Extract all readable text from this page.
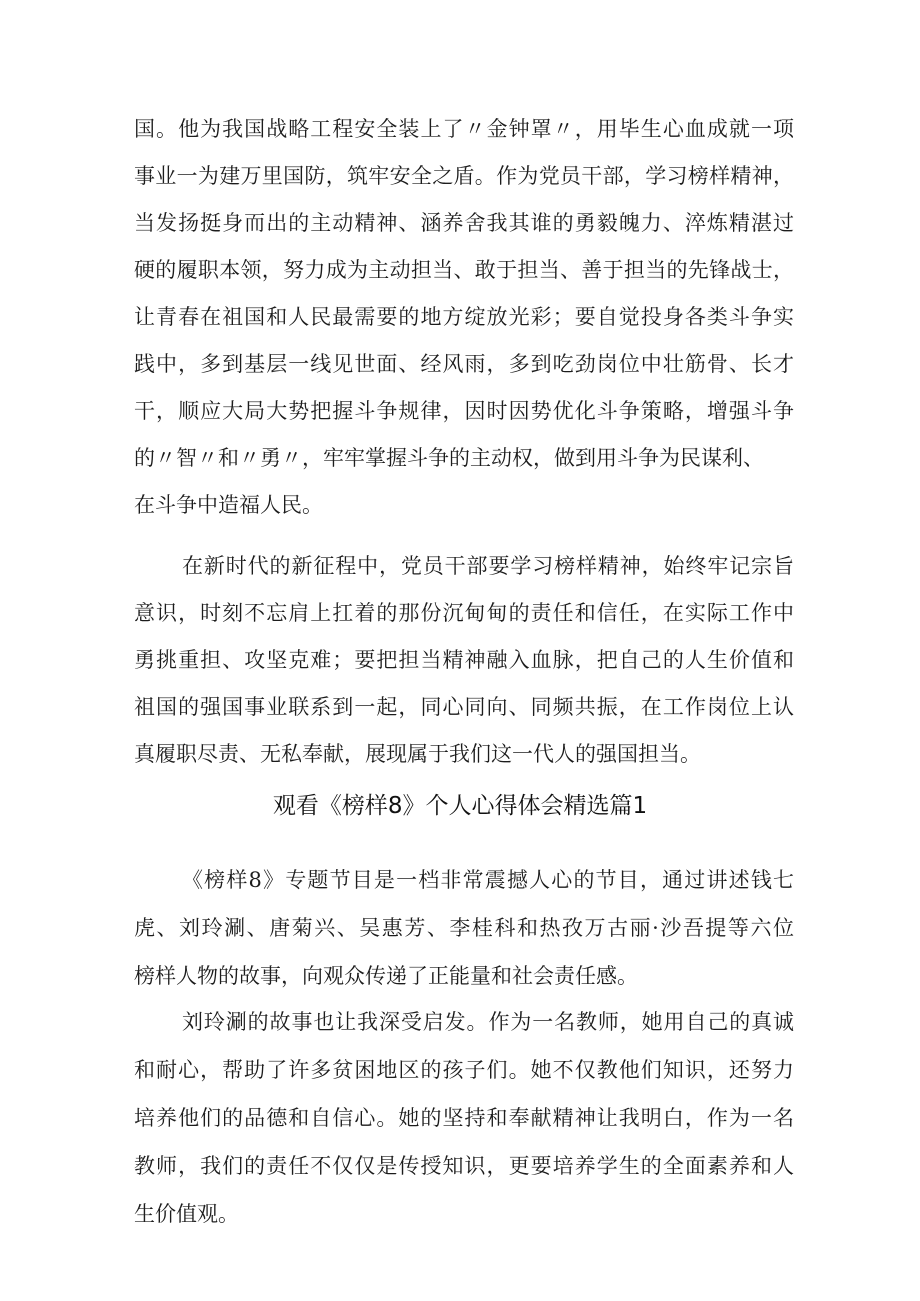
国。他为我国战略工程安全装上了〃金钟罩〃，用毕生心血成就一项
事业一为建万里国防，筑牢安全之盾。作为党员干部，学习榜样精神，
当发扬挺身而出的主动精神、涵养舍我其谁的勇毅魄力、淬炼精湛过
硬的履职本领，努力成为主动担当、敢于担当、善于担当的先锋战士，
让青春在祖国和人民最需要的地方绽放光彩；要自觉投身各类斗争实
践中，多到基层一线见世面、经风雨，多到吃劲岗位中壮筋骨、长才
干，顺应大局大势把握斗争规律，因时因势优化斗争策略，增强斗争
的〃智〃和〃勇〃，牢牢掌握斗争的主动权，做到用斗争为民谋利、
在斗争中造福人民。
在新时代的新征程中，党员干部要学习榜样精神，始终牢记宗旨
意识，时刻不忘肩上扛着的那份沉甸甸的责任和信任，在实际工作中
勇挑重担、攻坚克难；要把担当精神融入血脉，把自己的人生价值和
祖国的强国事业联系到一起，同心同向、同频共振，在工作岗位上认
真履职尽责、无私奉献，展现属于我们这一代人的强国担当。
观看《榜样8》个人心得体会精选篇1
《榜样8》专题节目是一档非常震撼人心的节目，通过讲述钱七
虎、刘玲涮、唐菊兴、吴惠芳、李桂科和热孜万古丽·沙吾提等六位
榜样人物的故事，向观众传递了正能量和社会责任感。
刘玲涮的故事也让我深受启发。作为一名教师，她用自己的真诚
和耐心，帮助了许多贫困地区的孩子们。她不仅教他们知识，还努力
培养他们的品德和自信心。她的坚持和奉献精神让我明白，作为一名
教师，我们的责任不仅仅是传授知识，更要培养学生的全面素养和人
生价值观。
